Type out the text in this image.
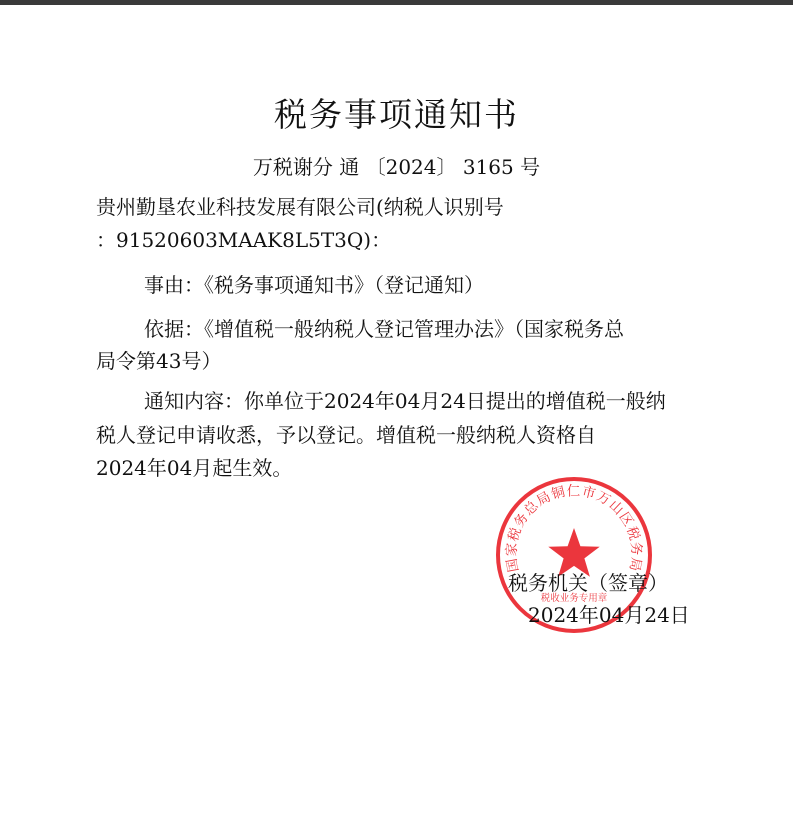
税务事项通知书
万税谢分 通 〔2024〕 3165 号
贵州勤垦农业科技发展有限公司(纳税人识别号
：91520603MAAK8L5T3Q)：
事由：《税务事项通知书》（登记通知）
依据：《增值税一般纳税人登记管理办法》（国家税务总
局令第43号）
通知内容：你单位于2024年04月24日提出的增值税一般纳
税人登记申请收悉，予以登记。增值税一般纳税人资格自
2024年04月起生效。
国家税务总局铜仁市万山区税务局
税收业务专用章
税务机关（签章）
2024年04月24日
